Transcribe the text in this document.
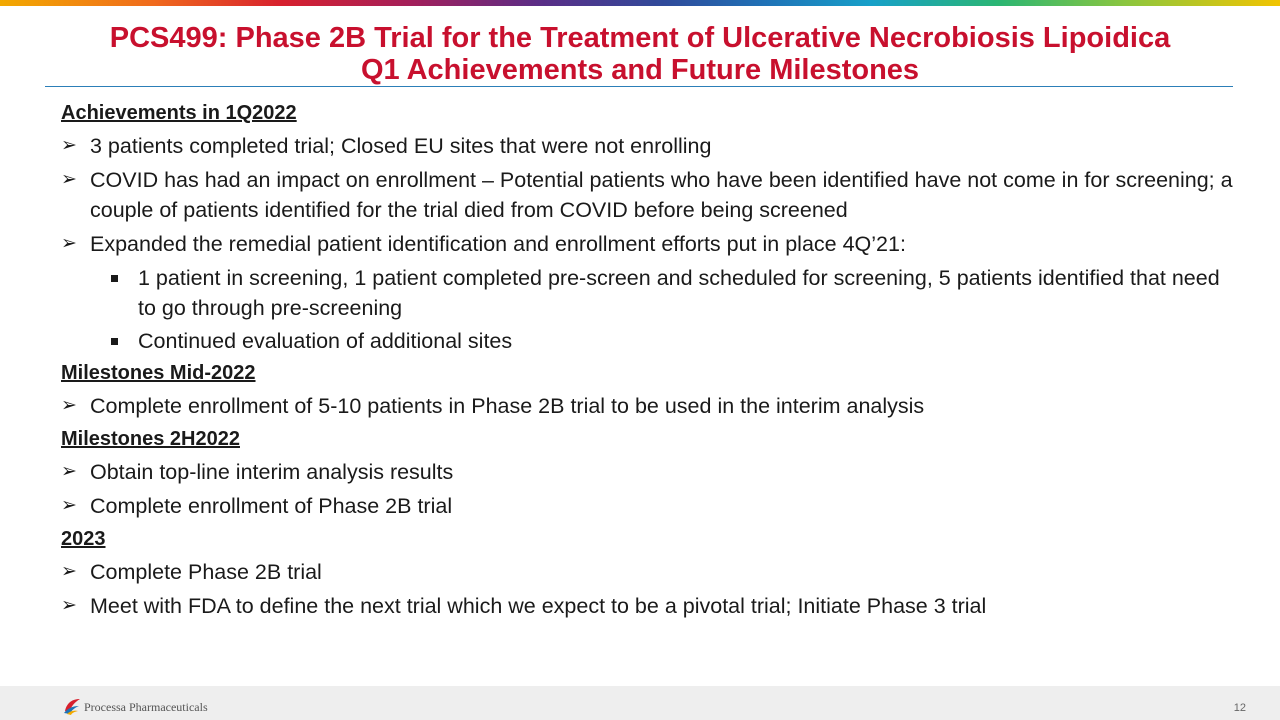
PCS499: Phase 2B Trial for the Treatment of Ulcerative Necrobiosis Lipoidica
Q1 Achievements and Future Milestones
Achievements in 1Q2022
➢ 3 patients completed trial; Closed EU sites that were not enrolling
➢ COVID has had an impact on enrollment – Potential patients who have been identified have not come in for screening; a couple of patients identified for the trial died from COVID before being screened
➢ Expanded the remedial patient identification and enrollment efforts put in place 4Q’21:
1 patient in screening, 1 patient completed pre-screen and scheduled for screening, 5 patients identified that need to go through pre-screening
Continued evaluation of additional sites
Milestones Mid-2022
➢ Complete enrollment of 5-10 patients in Phase 2B trial to be used in the interim analysis
Milestones 2H2022
➢ Obtain top-line interim analysis results
➢ Complete enrollment of Phase 2B trial
2023
➢ Complete Phase 2B trial
➢ Meet with FDA to define the next trial which we expect to be a pivotal trial; Initiate Phase 3 trial
Processa Pharmaceuticals	12
